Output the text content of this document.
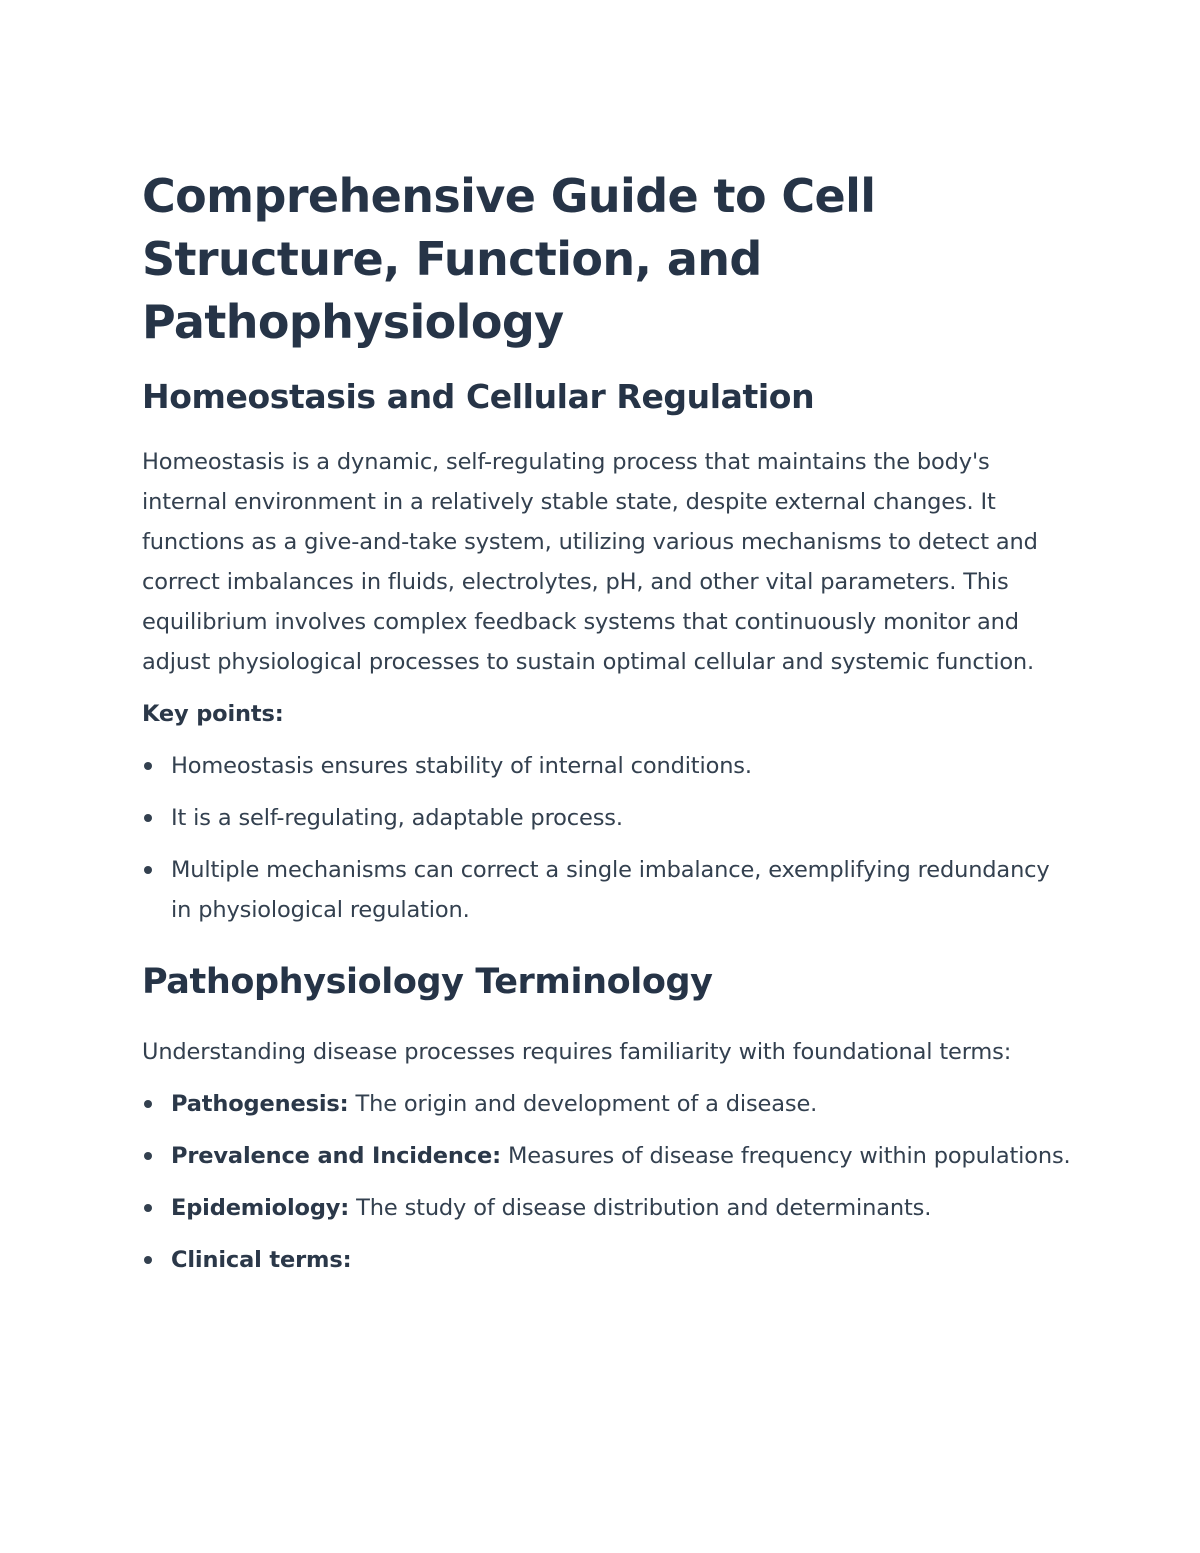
Comprehensive Guide to Cell Structure, Function, and Pathophysiology
Homeostasis and Cellular Regulation

Homeostasis is a dynamic, self-regulating process that maintains the body's internal environment in a relatively stable state, despite external changes. It functions as a give-and-take system, utilizing various mechanisms to detect and correct imbalances in fluids, electrolytes, pH, and other vital parameters. This equilibrium involves complex feedback systems that continuously monitor and adjust physiological processes to sustain optimal cellular and systemic function.

Key points:

Homeostasis ensures stability of internal conditions.
It is a self-regulating, adaptable process.
Multiple mechanisms can correct a single imbalance, exemplifying redundancy in physiological regulation.
Pathophysiology Terminology

Understanding disease processes requires familiarity with foundational terms:

Pathogenesis: The origin and development of a disease.
Prevalence and Incidence: Measures of disease frequency within populations.
Epidemiology: The study of disease distribution and determinants.
Clinical terms:
